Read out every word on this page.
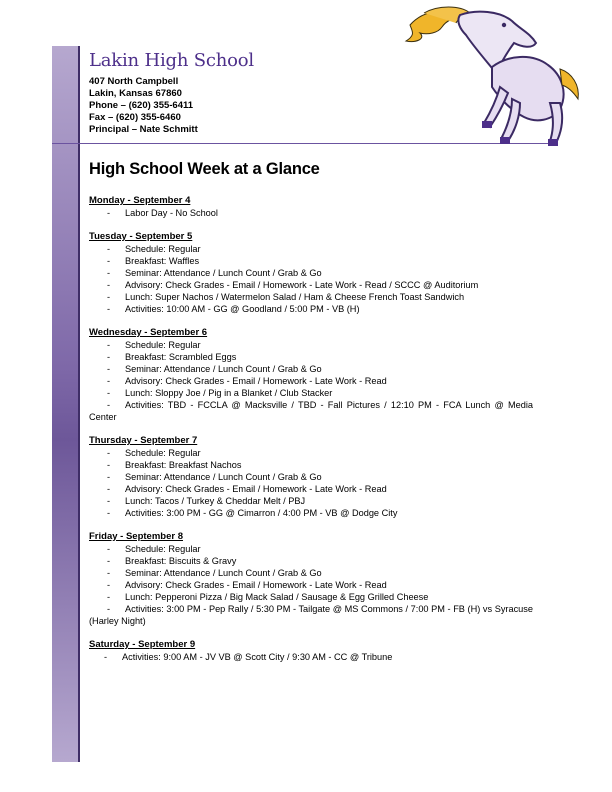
Lakin High School
407 North Campbell
Lakin, Kansas 67860
Phone – (620) 355-6411
Fax – (620) 355-6460
Principal – Nate Schmitt
High School Week at a Glance

Monday - September 4

- Labor Day - No School

Tuesday - September 5

- Schedule: Regular

- Breakfast: Waffles

- Seminar: Attendance / Lunch Count / Grab & Go

- Advisory: Check Grades - Email / Homework - Late Work - Read / SCCC @ Auditorium

- Lunch: Super Nachos / Watermelon Salad / Ham & Cheese French Toast Sandwich

- Activities: 10:00 AM - GG @ Goodland / 5:00 PM - VB (H)

Wednesday - September 6

- Schedule: Regular

- Breakfast: Scrambled Eggs

- Seminar: Attendance / Lunch Count / Grab & Go

- Advisory: Check Grades - Email / Homework - Late Work - Read

- Lunch: Sloppy Joe / Pig in a Blanket / Club Stacker

- Activities: TBD - FCCLA @ Macksville / TBD - Fall Pictures / 12:10 PM - FCA Lunch @ Media Center

Thursday - September 7

- Schedule: Regular

- Breakfast: Breakfast Nachos

- Seminar: Attendance / Lunch Count / Grab & Go

- Advisory: Check Grades - Email / Homework - Late Work - Read

- Lunch: Tacos / Turkey & Cheddar Melt / PBJ

- Activities: 3:00 PM - GG @ Cimarron / 4:00 PM - VB @ Dodge City

Friday - September 8

- Schedule: Regular

- Breakfast: Biscuits & Gravy

- Seminar: Attendance / Lunch Count / Grab & Go

- Advisory: Check Grades - Email / Homework - Late Work - Read

- Lunch: Pepperoni Pizza / Big Mack Salad / Sausage & Egg Grilled Cheese

- Activities: 3:00 PM - Pep Rally / 5:30 PM - Tailgate @ MS Commons / 7:00 PM - FB (H) vs Syracuse (Harley Night)

Saturday - September 9

- Activities: 9:00 AM - JV VB @ Scott City / 9:30 AM - CC @ Tribune
